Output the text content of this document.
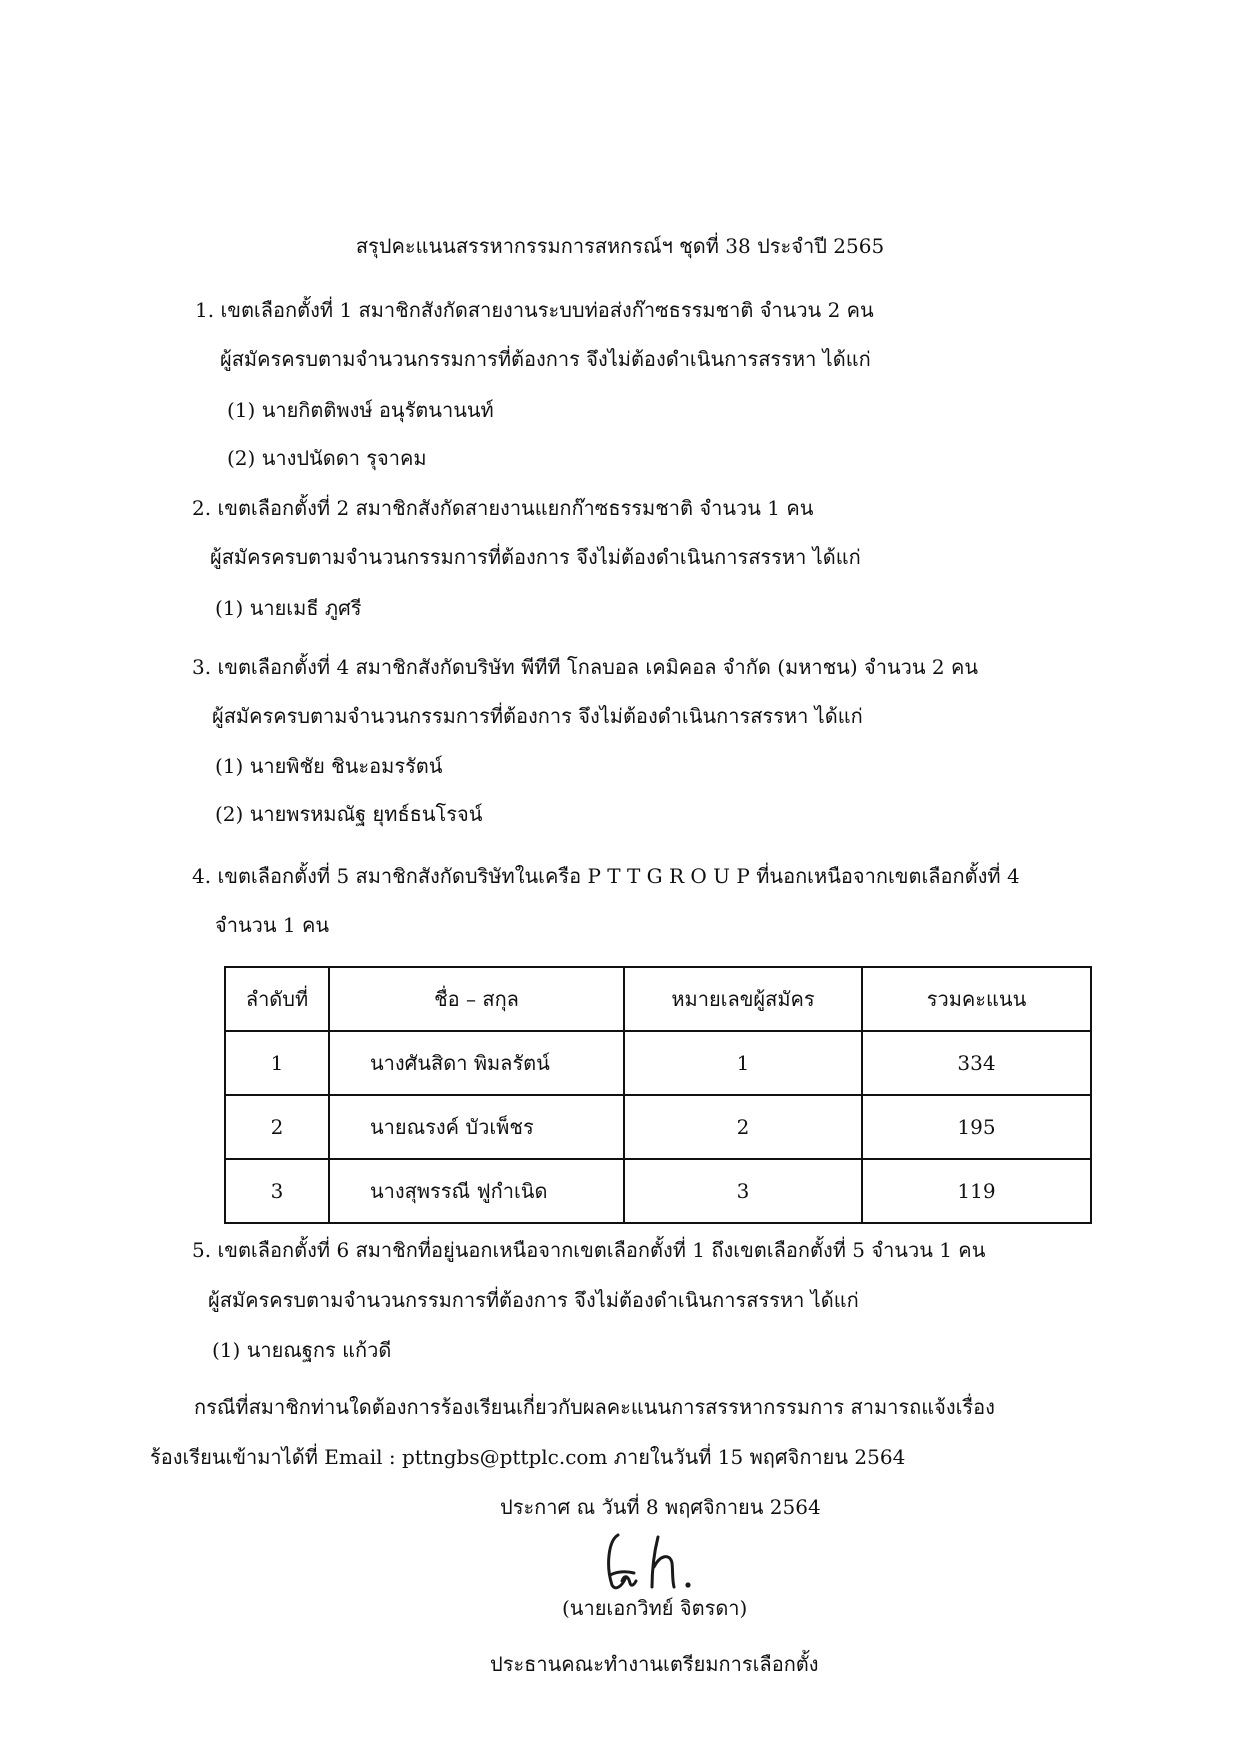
สรุปคะแนนสรรหากรรมการสหกรณ์ฯ ชุดที่ 38 ประจำปี 2565
1. เขตเลือกตั้งที่ 1 สมาชิกสังกัดสายงานระบบท่อส่งก๊าซธรรมชาติ จำนวน 2 คน
ผู้สมัครครบตามจำนวนกรรมการที่ต้องการ จึงไม่ต้องดำเนินการสรรหา ได้แก่
(1) นายกิตติพงษ์ อนุรัตนานนท์
(2) นางปนัดดา รุจาคม
2. เขตเลือกตั้งที่ 2 สมาชิกสังกัดสายงานแยกก๊าซธรรมชาติ จำนวน 1 คน
ผู้สมัครครบตามจำนวนกรรมการที่ต้องการ จึงไม่ต้องดำเนินการสรรหา ได้แก่
(1) นายเมธี ภูศรี
3. เขตเลือกตั้งที่ 4 สมาชิกสังกัดบริษัท พีทีที โกลบอล เคมิคอล จำกัด (มหาชน) จำนวน 2 คน
ผู้สมัครครบตามจำนวนกรรมการที่ต้องการ จึงไม่ต้องดำเนินการสรรหา ได้แก่
(1) นายพิชัย ชินะอมรรัตน์
(2) นายพรหมณัฐ ยุทธ์ธนโรจน์
4. เขตเลือกตั้งที่ 5 สมาชิกสังกัดบริษัทในเครือ P T T G R O U P ที่นอกเหนือจากเขตเลือกตั้งที่ 4
จำนวน 1 คน
ลำดับที่	ชื่อ – สกุล	หมายเลขผู้สมัคร	รวมคะแนน
1	นางศันสิดา พิมลรัตน์	1	334
2	นายณรงค์ บัวเพ็ชร	2	195
3	นางสุพรรณี ฟูกำเนิด	3	119
5. เขตเลือกตั้งที่ 6 สมาชิกที่อยู่นอกเหนือจากเขตเลือกตั้งที่ 1 ถึงเขตเลือกตั้งที่ 5 จำนวน 1 คน
ผู้สมัครครบตามจำนวนกรรมการที่ต้องการ จึงไม่ต้องดำเนินการสรรหา ได้แก่
(1) นายณฐกร แก้วดี
กรณีที่สมาชิกท่านใดต้องการร้องเรียนเกี่ยวกับผลคะแนนการสรรหากรรมการ สามารถแจ้งเรื่อง
ร้องเรียนเข้ามาได้ที่ Email : pttngbs@pttplc.com ภายในวันที่ 15 พฤศจิกายน 2564
ประกาศ ณ วันที่ 8 พฤศจิกายน 2564
(นายเอกวิทย์ จิตรดา)
ประธานคณะทำงานเตรียมการเลือกตั้ง
